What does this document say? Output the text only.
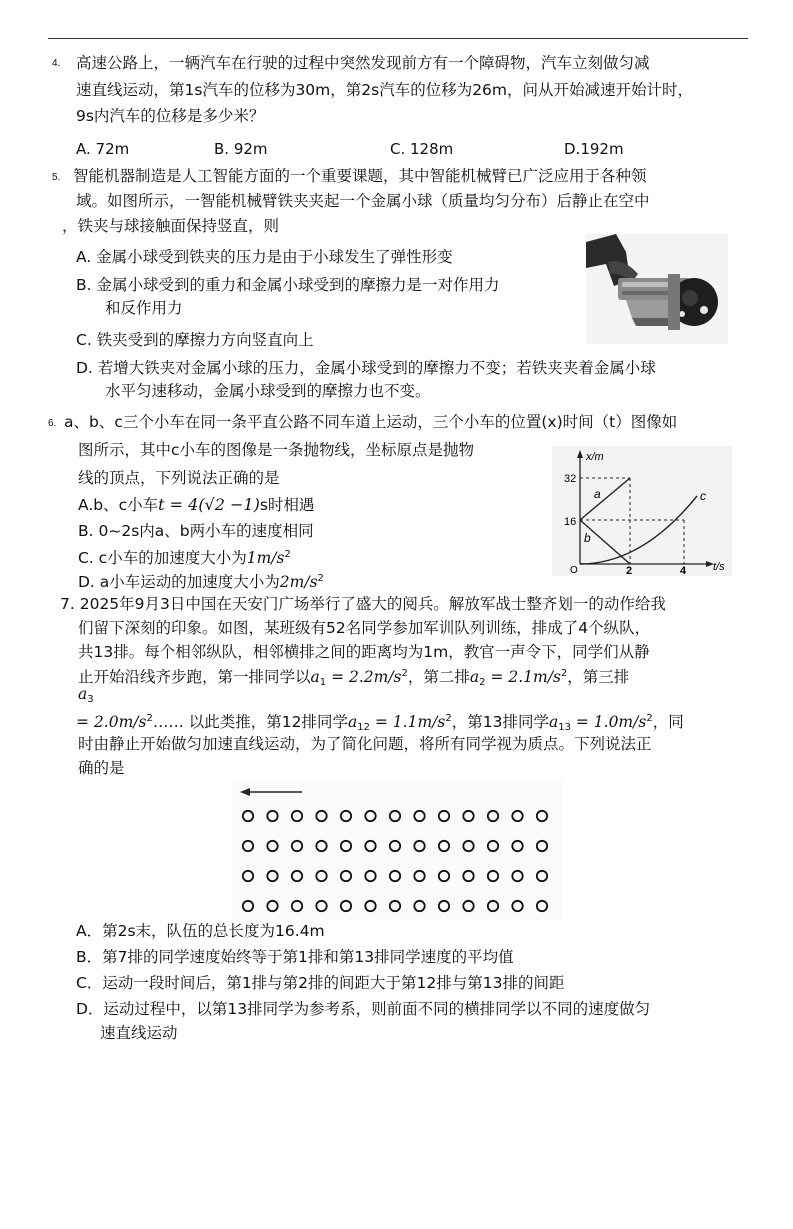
4. 高速公路上，一辆汽车在行驶的过程中突然发现前方有一个障碍物，汽车立刻做匀减
速直线运动，第1s汽车的位移为30m，第2s汽车的位移为26m，问从开始减速开始计时，
9s内汽车的位移是多少米？
A. 72m	B. 92m	C. 128m	D.192m
5. 智能机器制造是人工智能方面的一个重要课题，其中智能机械臂已广泛应用于各种领
域。如图所示，一智能机械臂铁夹夹起一个金属小球（质量均匀分布）后静止在空中
，铁夹与球接触面保持竖直，则
A. 金属小球受到铁夹的压力是由于小球发生了弹性形变
B. 金属小球受到的重力和金属小球受到的摩擦力是一对作用力
和反作用力
C. 铁夹受到的摩擦力方向竖直向上
D. 若增大铁夹对金属小球的压力，金属小球受到的摩擦力不变；若铁夹夹着金属小球
水平匀速移动，金属小球受到的摩擦力也不变。
6. a、b、c三个小车在同一条平直公路不同车道上运动，三个小车的位置(x)时间（t）图像如
图所示，其中c小车的图像是一条抛物线，坐标原点是抛物
线的顶点，下列说法正确的是
A.b、c小车t = 4(√2 −1)s时相遇
B. 0~2s内a、b两小车的速度相同
C. c小车的加速度大小为$1m/s^2$
D. a小车运动的加速度大小为$2m/s^2$
x/m
t/s
32
16
2	4
a
b
c
O
7. 2025年9月3日中国在天安门广场举行了盛大的阅兵。解放军战士整齐划一的动作给我
们留下深刻的印象。如图，某班级有52名同学参加军训队列训练，排成了4个纵队，
共13排。每个相邻纵队，相邻横排之间的距离均为1m，教官一声令下，同学们从静
止开始沿线齐步跑，第一排同学以$a_1 = 2.2m/s^2$，第二排$a_2 = 2.1m/s^2$，第三排
$a_3$
= $2.0m/s^2\dots\dots$ 以此类推，第12排同学$a_{12} = 1.1m/s^2$，第13排同学$a_{13} = 1.0m/s^2$，同
时由静止开始做匀加速直线运动，为了简化问题，将所有同学视为质点。下列说法正
确的是
A．第2s末，队伍的总长度为16.4m
B．第7排的同学速度始终等于第1排和第13排同学速度的平均值
C．运动一段时间后，第1排与第2排的间距大于第12排与第13排的间距
D．运动过程中，以第13排同学为参考系，则前面不同的横排同学以不同的速度做匀
速直线运动
